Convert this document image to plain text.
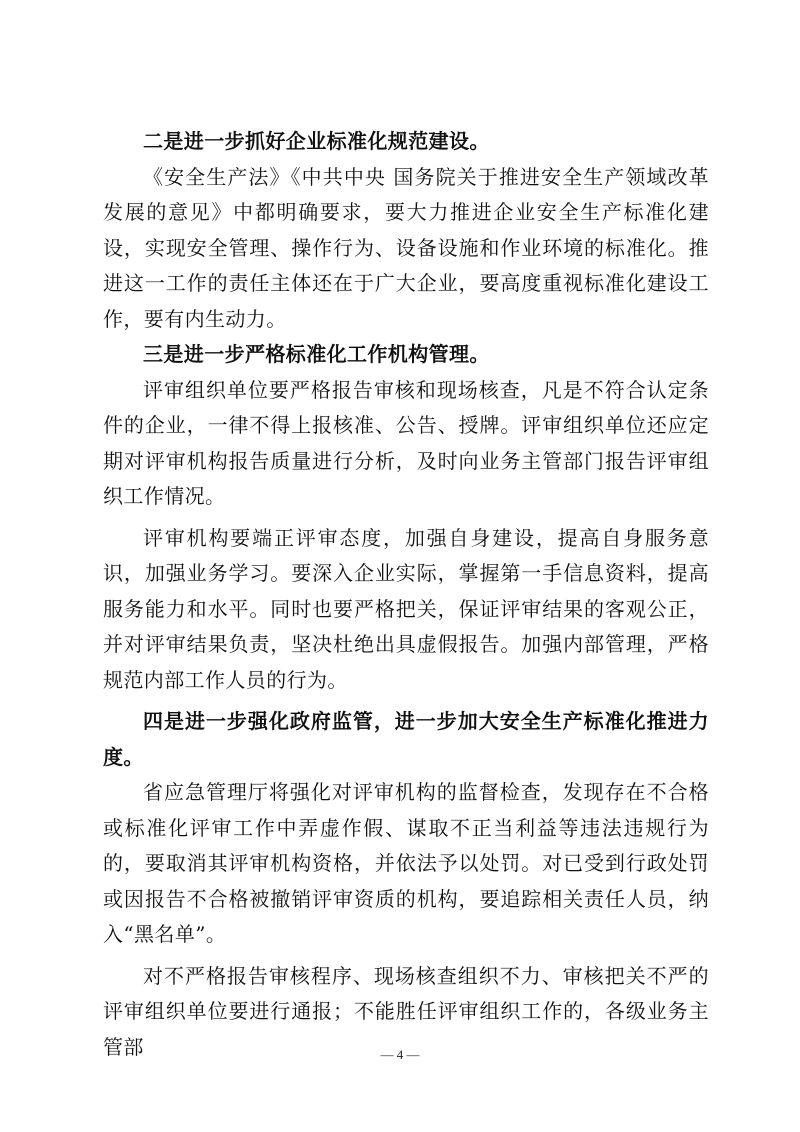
二是进一步抓好企业标准化规范建设。

《安全生产法》《中共中央 国务院关于推进安全生产领域改革发展的意见》中都明确要求，要大力推进企业安全生产标准化建设，实现安全管理、操作行为、设备设施和作业环境的标准化。推进这一工作的责任主体还在于广大企业，要高度重视标准化建设工作，要有内生动力。

三是进一步严格标准化工作机构管理。

评审组织单位要严格报告审核和现场核查，凡是不符合认定条件的企业，一律不得上报核准、公告、授牌。评审组织单位还应定期对评审机构报告质量进行分析，及时向业务主管部门报告评审组织工作情况。

评审机构要端正评审态度，加强自身建设，提高自身服务意识，加强业务学习。要深入企业实际，掌握第一手信息资料，提高服务能力和水平。同时也要严格把关，保证评审结果的客观公正，并对评审结果负责，坚决杜绝出具虚假报告。加强内部管理，严格规范内部工作人员的行为。

四是进一步强化政府监管，进一步加大安全生产标准化推进力度。

省应急管理厅将强化对评审机构的监督检查，发现存在不合格或标准化评审工作中弄虚作假、谋取不正当利益等违法违规行为的，要取消其评审机构资格，并依法予以处罚。对已受到行政处罚或因报告不合格被撤销评审资质的机构，要追踪相关责任人员，纳入“黑名单”。

对不严格报告审核程序、现场核查组织不力、审核把关不严的评审组织单位要进行通报；不能胜任评审组织工作的，各级业务主管部	— 4 —
